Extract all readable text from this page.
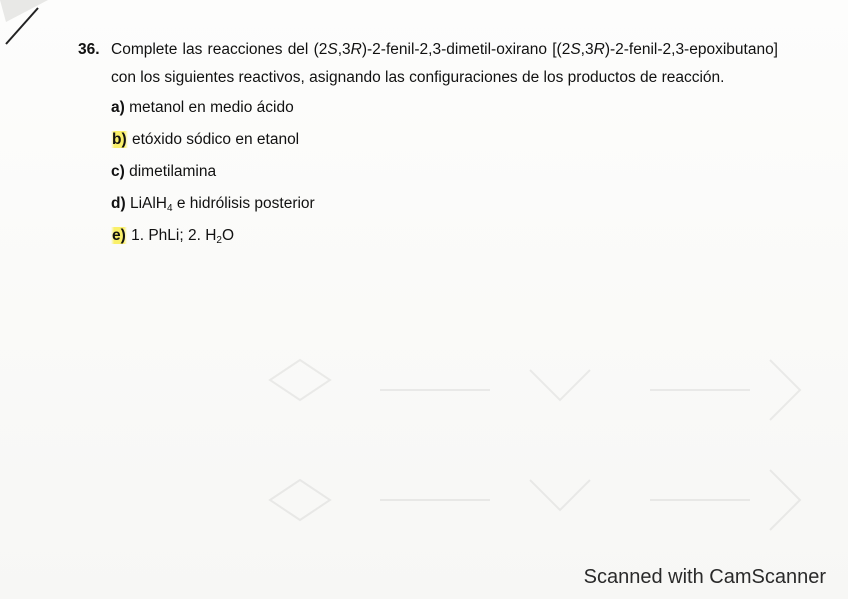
36. Complete las reacciones del (2S,3R)-2-fenil-2,3-dimetil-oxirano [(2S,3R)-2-fenil-2,3-epoxibutano] con los siguientes reactivos, asignando las configuraciones de los productos de reacción.
a) metanol en medio ácido
b) etóxido sódico en etanol
c) dimetilamina
d) LiAlH$_4$ e hidrólisis posterior
e) 1. PhLi; 2. $H_2O$
Scanned with CamScanner
